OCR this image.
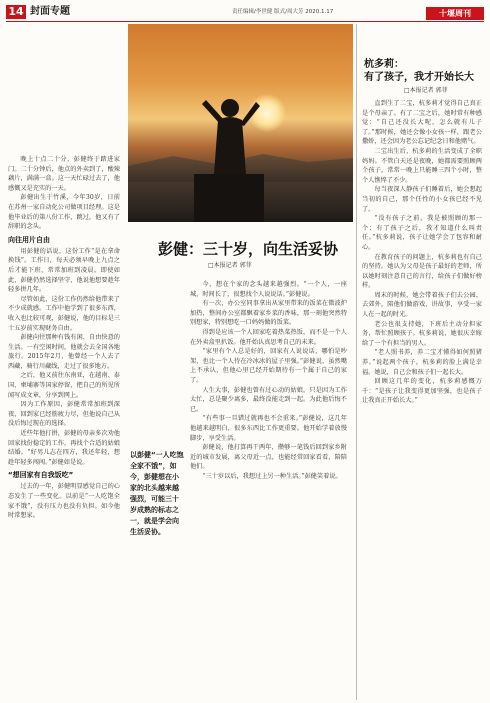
14 封面专题	责任编辑/李世健 版式/周大芳 2020.1.17	十堰周刊
彭健：三十岁，向生活妥协
□本报记者 郭菲

晚上十点二十分，彭健终于踏进家门。二十分钟后，他点的外卖到了，酸辣藕片，满满一盒。这一天忙碌过去了，他感慨又是充实的一天。

彭健出生于竹溪，今年30岁，日前在苏州一家自动化公司做项目经理。这是他毕业后的第八份工作，跳过，他又有了辞职的念头。

向往用片自由

用彭健的话说，这份工作“是在拿命换钱”。工作日，每天必须早晚上九点之后才能下班，常常加班到凌晨。即使如此，彭健仍然选择坚守，他说他想要趁年轻多拼几年。

尽管如此，这份工作仍然给他带来了不少成就感。工作中他学到了很多东西，收入也比较可观，彭健说，他的目标是三十五岁前实现财务自由。

彭健向往那种有钱有闲、自由快意的生活。一有空闲时间，他就会去全国各地旅行。2015年2月，他曾经一个人去了西藏，骑行川藏线，走过了很多地方。

之后，他又前往东南亚，在越南、泰国、柬埔寨等国家停留，把自己的所见所闻写成文章，分享到网上。

因为工作原因，彭健常常加班到深夜，回到家已经筋疲力尽，但他说自己从没后悔过现在的选择。

近些年他打拼，彭健的母亲多次劝他回家找份稳定的工作，再找个合适的姑娘结婚。“好男儿志在四方，我还年轻，想趁年轻多闯闯。”彭健如是说。

“想回家有自我饭吃”

过去的一年，彭健明显感觉自己的心态发生了一些变化。以前是“一人吃饱全家不饿”，没有压力也没有负担。如今他时常想家。

以彭健“一人吃饱全家不饿”，如今，彭健想在小家的北头越来越强烈，可能三十岁成熟的标志之一，就是学会向生活妥协。

今，想在个家的念头越来越强烈。“一个人，一座城，时间长了，很想找个人说说话。”彭健说。

有一次，办公室同事拿出从家里带来的饭菜在微波炉加热，整间办公室都飘着家乡菜的香味，那一刻他突然特别想家，特别想吃一口妈妈做的饭菜。

得到是应该一个人回家吃着热菜热饭，而不是一个人在外卖盒里扒饭。他开始认真思考自己的未来。

“家里有个人总是好的，回家有人说说话，哪怕是吵架，也比一个人待在冷冰冰的屋子里强。”彭健说，虽然嘴上不承认，但他心里已经开始期待有一个属于自己的家了。

人生大事，彭健也曾有过心动的姑娘，只是因为工作太忙，总是聚少离多，最终没能走到一起。为此他后悔不已。

“有些事一旦错过就再也不会重来。”彭健说，这几年他越来越明白，很多东西比工作更重要。他开始学着放慢脚步，享受生活。

彭健说，他打算再干两年，攒够一笔钱后回到家乡附近的城市发展，离父母近一点，也能经常回家看看，陪陪他们。

“三十岁以后，我想过上另一种生活。”彭健笑着说。

杭多莉：
有了孩子，我才开始长大
□本报记者 郭菲

直到生了二宝，杭多莉才觉得自己真正是个母亲了。有了二宝之后，她时常有种感觉：“自己还没长大呢，怎么就有儿子了。”那时候，她还会像小女孩一样，跟老公撒娇，还会因为老公忘记纪念日和他赌气。

二宝出生后，杭多莉的生活变成了全职妈妈。不管白天还是夜晚，她都需要照顾两个孩子，常常一晚上只能睡三四个小时，整个人憔悴了不少。

每当夜深人静孩子们睡着后，她会想起当初的自己，那个任性的小女孩已经不见了。

“没有孩子之前，我是被照顾的那一个；有了孩子之后，我才知道什么叫责任。”杭多莉说，孩子让她学会了包容和耐心。

在教育孩子的问题上，杭多莉也有自己的坚持。她认为父母是孩子最好的老师，所以她时刻注意自己的言行，给孩子们做好榜样。

周末的时候，她会带着孩子们去公园、去郊外，陪他们做游戏、讲故事，享受一家人在一起的时光。

老公也很支持她，下班后主动分担家务，帮忙照顾孩子。杭多莉说，她很庆幸嫁给了一个有担当的男人。

“老人照书养，养二宝才懂得如何照猪养。”说起两个孩子，杭多莉的脸上满是幸福。她说，自己会和孩子们一起长大。

回顾这几年的变化，杭多莉感慨万千：“是孩子让我变得更加坚强，也是孩子让我真正开始长大。”
